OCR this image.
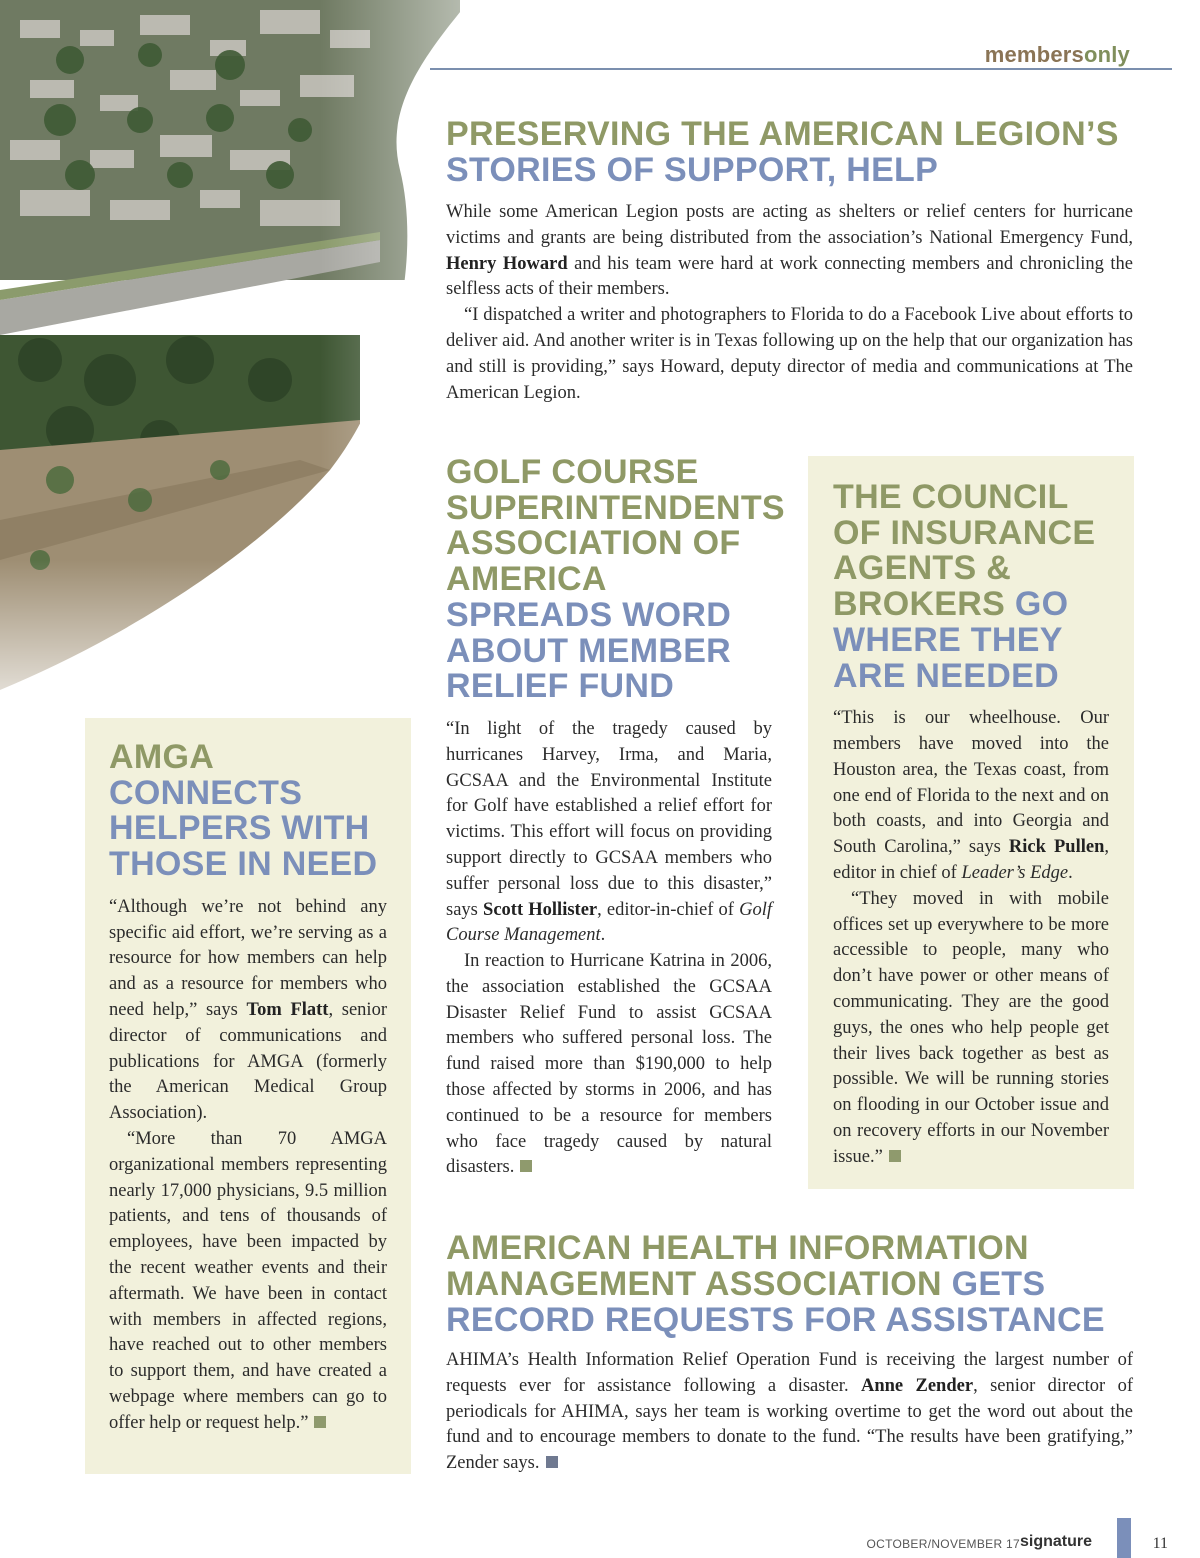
membersonly
PRESERVING THE AMERICAN LEGION’S
STORIES OF SUPPORT, HELP

While some American Legion posts are acting as shelters or relief centers for hurricane victims and grants are being distributed from the association’s National Emergency Fund, Henry Howard and his team were hard at work connecting members and chronicling the selfless acts of their members.

“I dispatched a writer and photographers to Florida to do a Facebook Live about efforts to deliver aid. And another writer is in Texas following up on the help that our organization has and still is providing,” says Howard, deputy director of media and communications at The American Legion.

GOLF COURSE SUPERINTENDENTS ASSOCIATION OF AMERICA SPREADS WORD ABOUT MEMBER RELIEF FUND

“In light of the tragedy caused by hurricanes Harvey, Irma, and Maria, GCSAA and the Environmental Institute for Golf have established a relief effort for victims. This effort will focus on providing support directly to GCSAA members who suffer personal loss due to this disaster,” says Scott Hollister, editor-in-chief of Golf Course Management.

In reaction to Hurricane Katrina in 2006, the association established the GCSAA Disaster Relief Fund to assist GCSAA members who suffered personal loss. The fund raised more than $190,000 to help those affected by storms in 2006, and has continued to be a resource for members who face tragedy caused by natural disasters.

THE COUNCIL OF INSURANCE AGENTS & BROKERS GO WHERE THEY ARE NEEDED

“This is our wheelhouse. Our members have moved into the Houston area, the Texas coast, from one end of Florida to the next and on both coasts, and into Georgia and South Carolina,” says Rick Pullen, editor in chief of Leader’s Edge.

“They moved in with mobile offices set up everywhere to be more accessible to people, many who don’t have power or other means of communicating. They are the good guys, the ones who help people get their lives back together as best as possible. We will be running stories on flooding in our October issue and on recovery efforts in our November issue.”

AMGA CONNECTS HELPERS WITH THOSE IN NEED

“Although we’re not behind any specific aid effort, we’re serving as a resource for how members can help and as a resource for members who need help,” says Tom Flatt, senior director of communications and publications for AMGA (formerly the American Medical Group Association).

“More than 70 AMGA organizational members representing nearly 17,000 physicians, 9.5 million patients, and tens of thousands of employees, have been impacted by the recent weather events and their aftermath. We have been in contact with members in affected regions, have reached out to other members to support them, and have created a webpage where members can go to offer help or request help.”

AMERICAN HEALTH INFORMATION MANAGEMENT ASSOCIATION GETS RECORD REQUESTS FOR ASSISTANCE

AHIMA’s Health Information Relief Operation Fund is receiving the largest number of requests ever for assistance following a disaster. Anne Zender, senior director of periodicals for AHIMA, says her team is working overtime to get the word out about the fund and to encourage members to donate to the fund. “The results have been gratifying,” Zender says.

OCTOBER/NOVEMBER 17 signature	11
